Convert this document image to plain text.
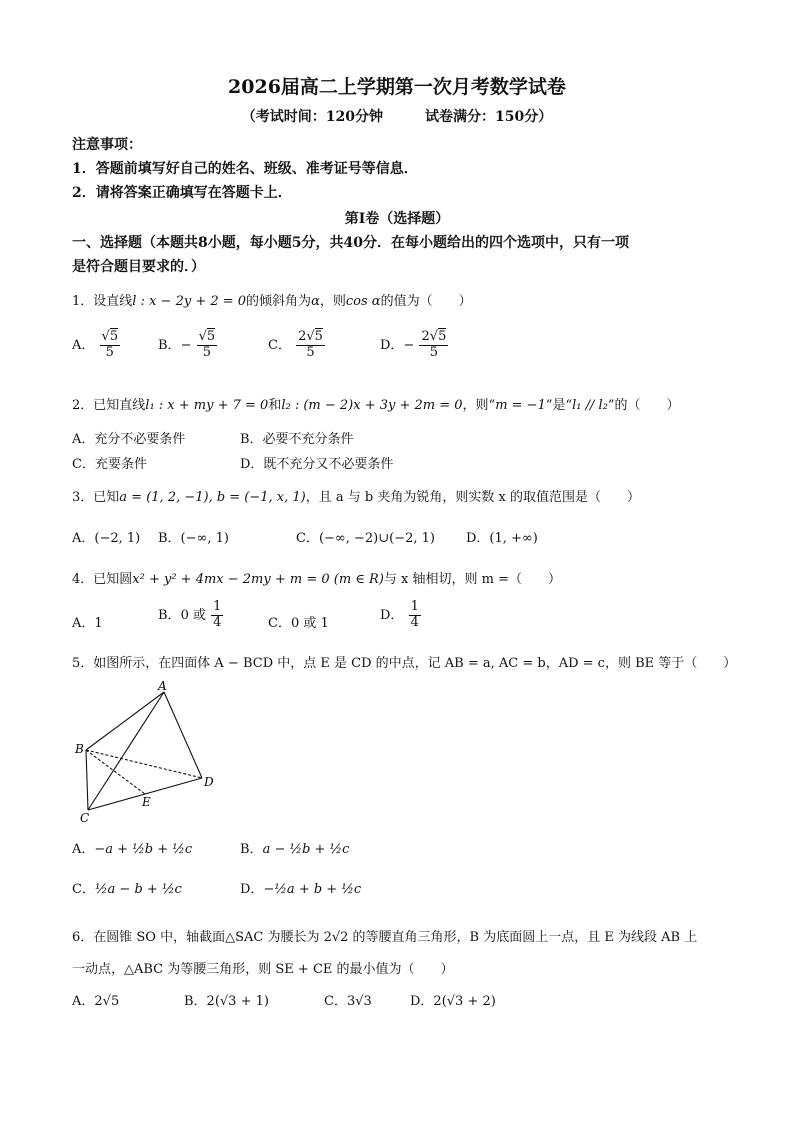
2026届高二上学期第一次月考数学试卷
（考试时间：120分钟　　　试卷满分：150分）
注意事项：
1．答题前填写好自己的姓名、班级、准考证号等信息．
2．请将答案正确填写在答题卡上．
第Ⅰ卷（选择题）
一、选择题（本题共8小题，每小题5分，共40分．在每小题给出的四个选项中，只有一项
是符合题目要求的．）
1．设直线l : x − 2y + 2 = 0的倾斜角为α，则cos α的值为（　　）
A． $\frac{√5}{5}$	B．− $\frac{√5}{5}$	C． $\frac{2√5}{5}$	D．− $\frac{2√5}{5}$
2．已知直线l₁ : x + my + 7 = 0和l₂ : (m − 2)x + 3y + 2m = 0，则“m = −1”是“l₁ // l₂”的（　　）
A．充分不必要条件	B．必要不充分条件
C．充要条件	D．既不充分又不必要条件
3．已知a = (1, 2, −1), b = (−1, x, 1)，且 a 与 b 夹角为锐角，则实数 x 的取值范围是（　　）
A．(−2, 1) B．(−∞, 1)	C．(−∞, −2)∪(−2, 1) D．(1, +∞)
4．已知圆x² + y² + 4mx − 2my + m = 0 (m ∈ R)与 x 轴相切，则 m =（　　）
A．1
B．0 或 $\frac{1}{4}$	C．0 或 1
D． $\frac{1}{4}$
5．如图所示，在四面体 A − BCD 中，点 E 是 CD 的中点，记 AB = a, AC = b，AD = c，则 BE 等于（　　）
A
B
C
D
E
A．−a + ½b + ½c	B．a − ½b + ½c
C．½a − b + ½c	D．−½a + b + ½c
6．在圆锥 SO 中，轴截面△SAC 为腰长为 2√2 的等腰直角三角形，B 为底面圆上一点，且 E 为线段 AB 上
一动点，△ABC 为等腰三角形，则 SE + CE 的最小值为（　　）
A．2√5	B．2(√3 + 1)	C．3√3	D．2(√3 + 2)
